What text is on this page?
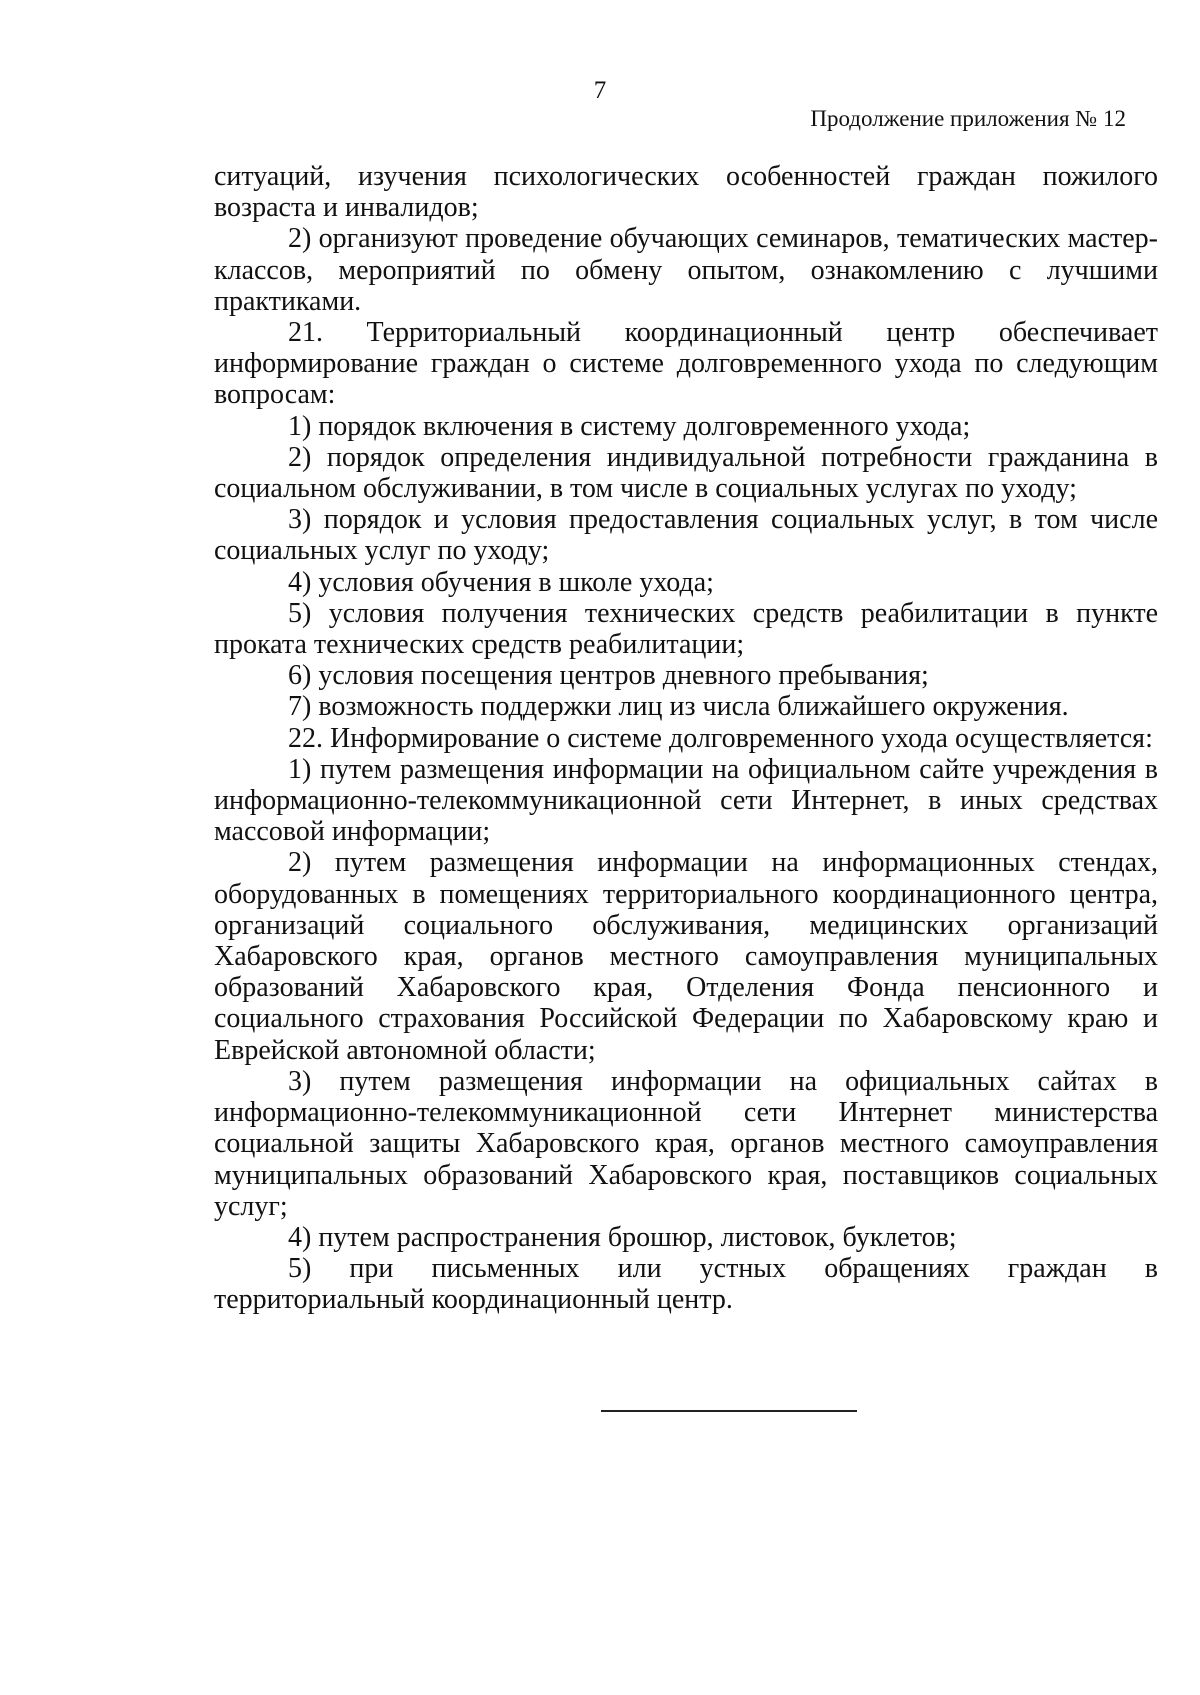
7
Продолжение приложения № 12

ситуаций, изучения психологических особенностей граждан пожилого возраста и инвалидов;

2) организуют проведение обучающих семинаров, тематических мастер-классов, мероприятий по обмену опытом, ознакомлению с лучшими практиками.

21. Территориальный координационный центр обеспечивает информирование граждан о системе долговременного ухода по следующим вопросам:

1) порядок включения в систему долговременного ухода;

2) порядок определения индивидуальной потребности гражданина в социальном обслуживании, в том числе в социальных услугах по уходу;

3) порядок и условия предоставления социальных услуг, в том числе социальных услуг по уходу;

4) условия обучения в школе ухода;

5) условия получения технических средств реабилитации в пункте проката технических средств реабилитации;

6) условия посещения центров дневного пребывания;

7) возможность поддержки лиц из числа ближайшего окружения.

22. Информирование о системе долговременного ухода осуществляется:

1) путем размещения информации на официальном сайте учреждения в информационно-телекоммуникационной сети Интернет, в иных средствах массовой информации;

2) путем размещения информации на информационных стендах, оборудованных в помещениях территориального координационного центра, организаций социального обслуживания, медицинских организаций Хабаровского края, органов местного самоуправления муниципальных образований Хабаровского края, Отделения Фонда пенсионного и социального страхования Российской Федерации по Хабаровскому краю и Еврейской автономной области;

3) путем размещения информации на официальных сайтах в информационно-телекоммуникационной сети Интернет министерства социальной защиты Хабаровского края, органов местного самоуправления муниципальных образований Хабаровского края, поставщиков социальных услуг;

4) путем распространения брошюр, листовок, буклетов;

5) при письменных или устных обращениях граждан в территориальный координационный центр.
